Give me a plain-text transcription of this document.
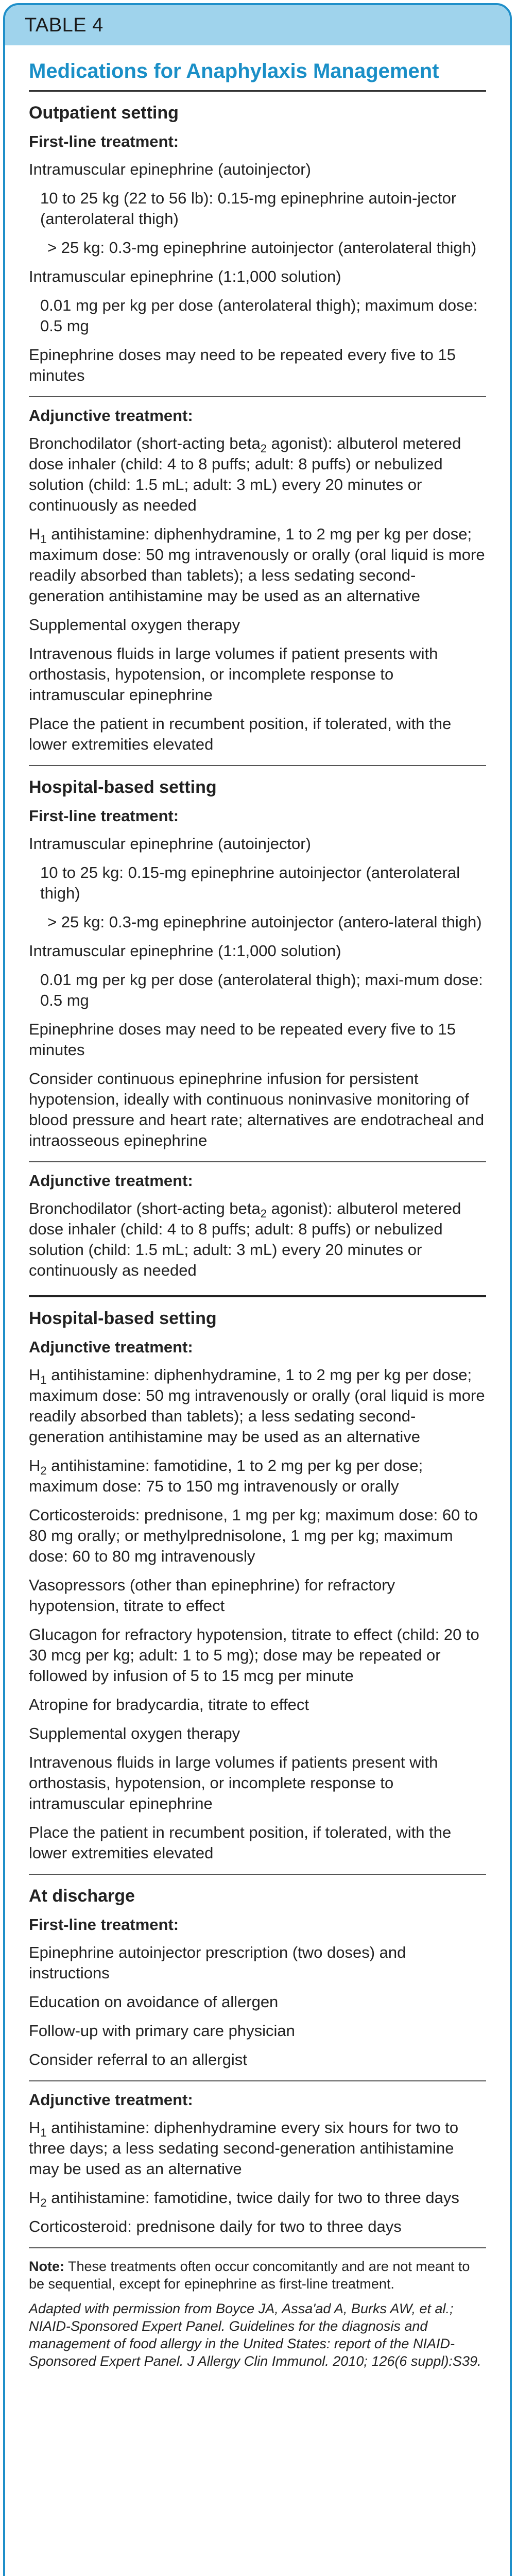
TABLE 4
Medications for Anaphylaxis Management
Outpatient setting
First-line treatment:
Intramuscular epinephrine (autoinjector)
10 to 25 kg (22 to 56 lb): 0.15-mg epinephrine autoin-jector (anterolateral thigh)
> 25 kg: 0.3-mg epinephrine autoinjector (anterolateral thigh)
Intramuscular epinephrine (1:1,000 solution)
0.01 mg per kg per dose (anterolateral thigh); maximum dose: 0.5 mg
Epinephrine doses may need to be repeated every five to 15 minutes
Adjunctive treatment:
Bronchodilator (short-acting beta$_2$ agonist): albuterol metered dose inhaler (child: 4 to 8 puffs; adult: 8 puffs) or nebulized solution (child: 1.5 mL; adult: 3 mL) every 20 minutes or continuously as needed
$H_1$ antihistamine: diphenhydramine, 1 to 2 mg per kg per dose; maximum dose: 50 mg intravenously or orally (oral liquid is more readily absorbed than tablets); a less sedating second-generation antihistamine may be used as an alternative
Supplemental oxygen therapy
Intravenous fluids in large volumes if patient presents with orthostasis, hypotension, or incomplete response to intramuscular epinephrine
Place the patient in recumbent position, if tolerated, with the lower extremities elevated
Hospital-based setting
First-line treatment:
Intramuscular epinephrine (autoinjector)
10 to 25 kg: 0.15-mg epinephrine autoinjector (anterolateral thigh)
> 25 kg: 0.3-mg epinephrine autoinjector (antero-lateral thigh)
Intramuscular epinephrine (1:1,000 solution)
0.01 mg per kg per dose (anterolateral thigh); maxi-mum dose: 0.5 mg
Epinephrine doses may need to be repeated every five to 15 minutes
Consider continuous epinephrine infusion for persistent hypotension, ideally with continuous noninvasive monitoring of blood pressure and heart rate; alternatives are endotracheal and intraosseous epinephrine
Adjunctive treatment:
Bronchodilator (short-acting beta$_2$ agonist): albuterol metered dose inhaler (child: 4 to 8 puffs; adult: 8 puffs) or nebulized solution (child: 1.5 mL; adult: 3 mL) every 20 minutes or continuously as needed
Hospital-based setting
Adjunctive treatment:
$H_1$ antihistamine: diphenhydramine, 1 to 2 mg per kg per dose; maximum dose: 50 mg intravenously or orally (oral liquid is more readily absorbed than tablets); a less sedating second-generation antihistamine may be used as an alternative
$H_2$ antihistamine: famotidine, 1 to 2 mg per kg per dose; maximum dose: 75 to 150 mg intravenously or orally
Corticosteroids: prednisone, 1 mg per kg; maximum dose: 60 to 80 mg orally; or methylprednisolone, 1 mg per kg; maximum dose: 60 to 80 mg intravenously
Vasopressors (other than epinephrine) for refractory hypotension, titrate to effect
Glucagon for refractory hypotension, titrate to effect (child: 20 to 30 mcg per kg; adult: 1 to 5 mg); dose may be repeated or followed by infusion of 5 to 15 mcg per minute
Atropine for bradycardia, titrate to effect
Supplemental oxygen therapy
Intravenous fluids in large volumes if patients present with orthostasis, hypotension, or incomplete response to intramuscular epinephrine
Place the patient in recumbent position, if tolerated, with the lower extremities elevated
At discharge
First-line treatment:
Epinephrine autoinjector prescription (two doses) and instructions
Education on avoidance of allergen
Follow-up with primary care physician
Consider referral to an allergist
Adjunctive treatment:
$H_1$ antihistamine: diphenhydramine every six hours for two to three days; a less sedating second-generation antihistamine may be used as an alternative
$H_2$ antihistamine: famotidine, twice daily for two to three days
Corticosteroid: prednisone daily for two to three days

Note: These treatments often occur concomitantly and are not meant to be sequential, except for epinephrine as first-line treatment.

Adapted with permission from Boyce JA, Assa'ad A, Burks AW, et al.; NIAID-Sponsored Expert Panel. Guidelines for the diagnosis and management of food allergy in the United States: report of the NIAID-Sponsored Expert Panel. J Allergy Clin Immunol. 2010; 126(6 suppl):S39.
